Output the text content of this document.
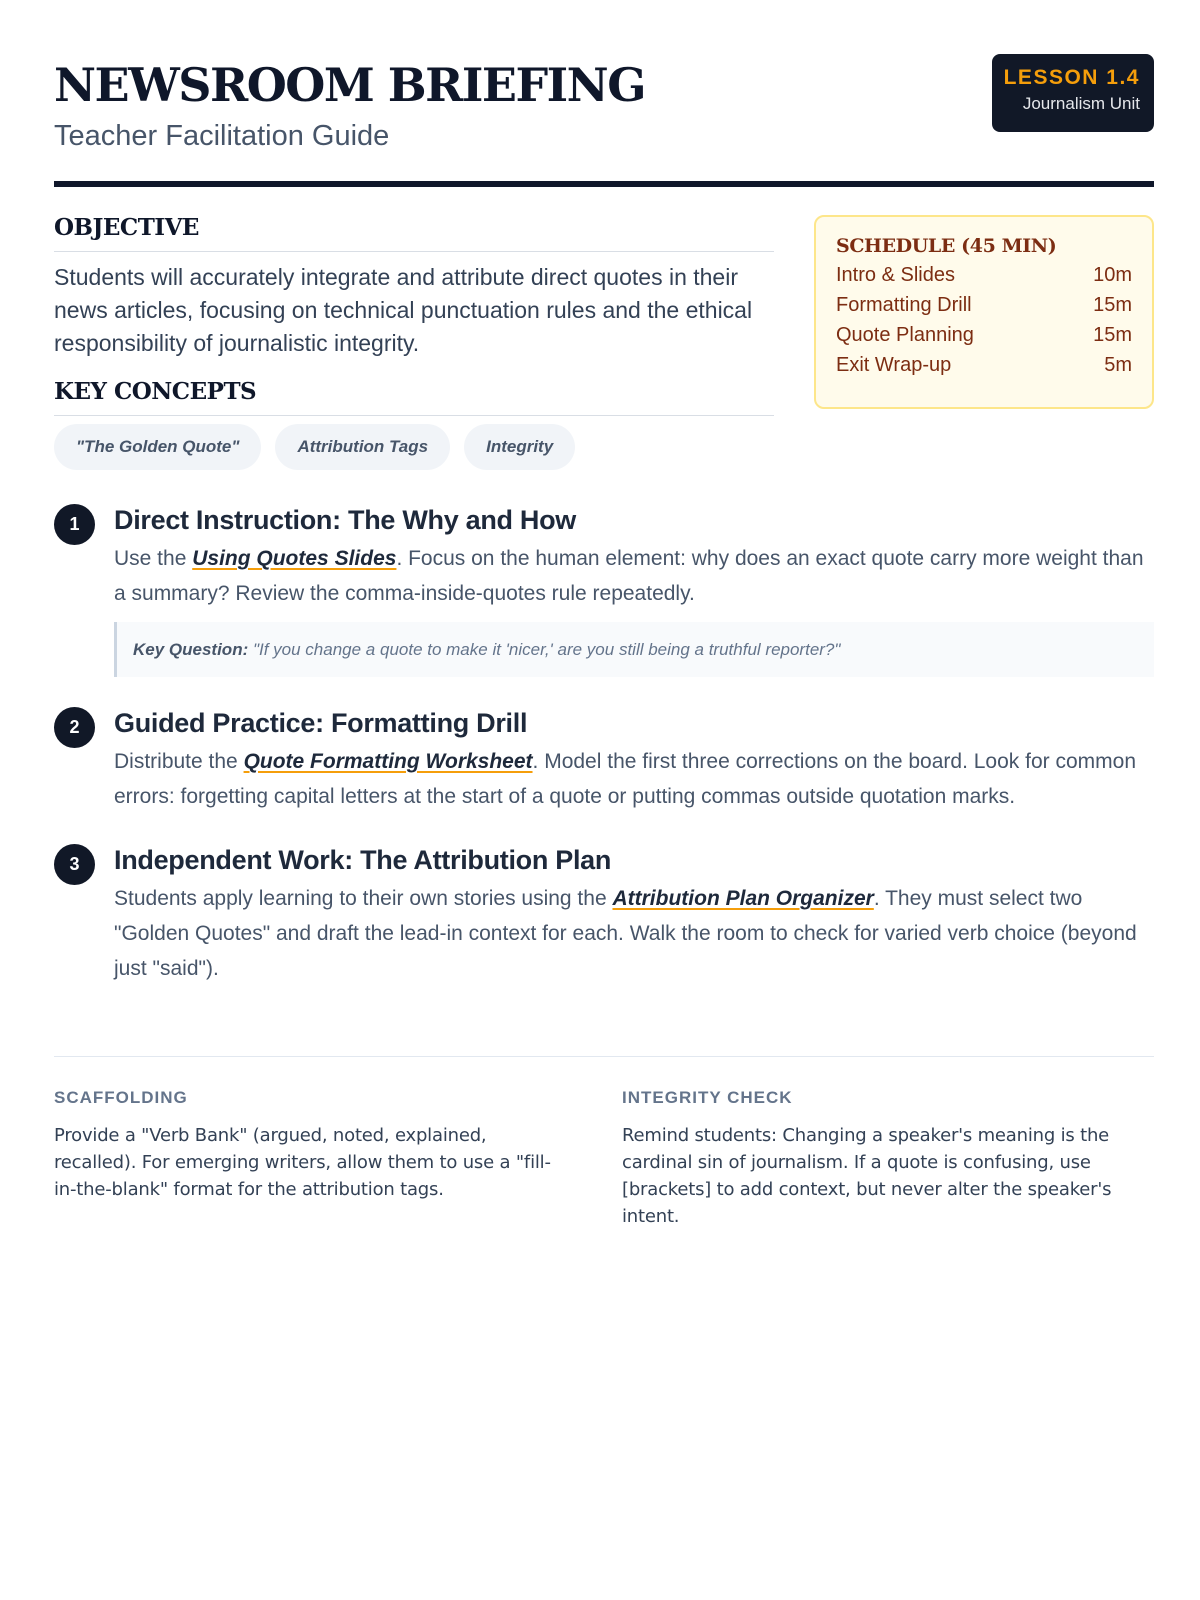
NEWSROOM BRIEFING
Teacher Facilitation Guide
LESSON 1.4
Journalism Unit
OBJECTIVE
Students will accurately integrate and attribute direct quotes in their news articles, focusing on technical punctuation rules and the ethical responsibility of journalistic integrity.
KEY CONCEPTS
"The Golden Quote"	Attribution Tags	Integrity
SCHEDULE (45 MIN)
Intro & Slides	10m
Formatting Drill	15m
Quote Planning	15m
Exit Wrap-up	5m
1	Direct Instruction: The Why and How
Use the Using Quotes Slides. Focus on the human element: why does an exact quote carry more weight than a summary? Review the comma-inside-quotes rule repeatedly.
Key Question: "If you change a quote to make it 'nicer,' are you still being a truthful reporter?"
2	Guided Practice: Formatting Drill
Distribute the Quote Formatting Worksheet. Model the first three corrections on the board. Look for common errors: forgetting capital letters at the start of a quote or putting commas outside quotation marks.
3	Independent Work: The Attribution Plan
Students apply learning to their own stories using the Attribution Plan Organizer. They must select two "Golden Quotes" and draft the lead-in context for each. Walk the room to check for varied verb choice (beyond just "said").
SCAFFOLDING
Provide a "Verb Bank" (argued, noted, explained, recalled). For emerging writers, allow them to use a "fill-in-the-blank" format for the attribution tags.
INTEGRITY CHECK
Remind students: Changing a speaker's meaning is the cardinal sin of journalism. If a quote is confusing, use [brackets] to add context, but never alter the speaker's intent.
